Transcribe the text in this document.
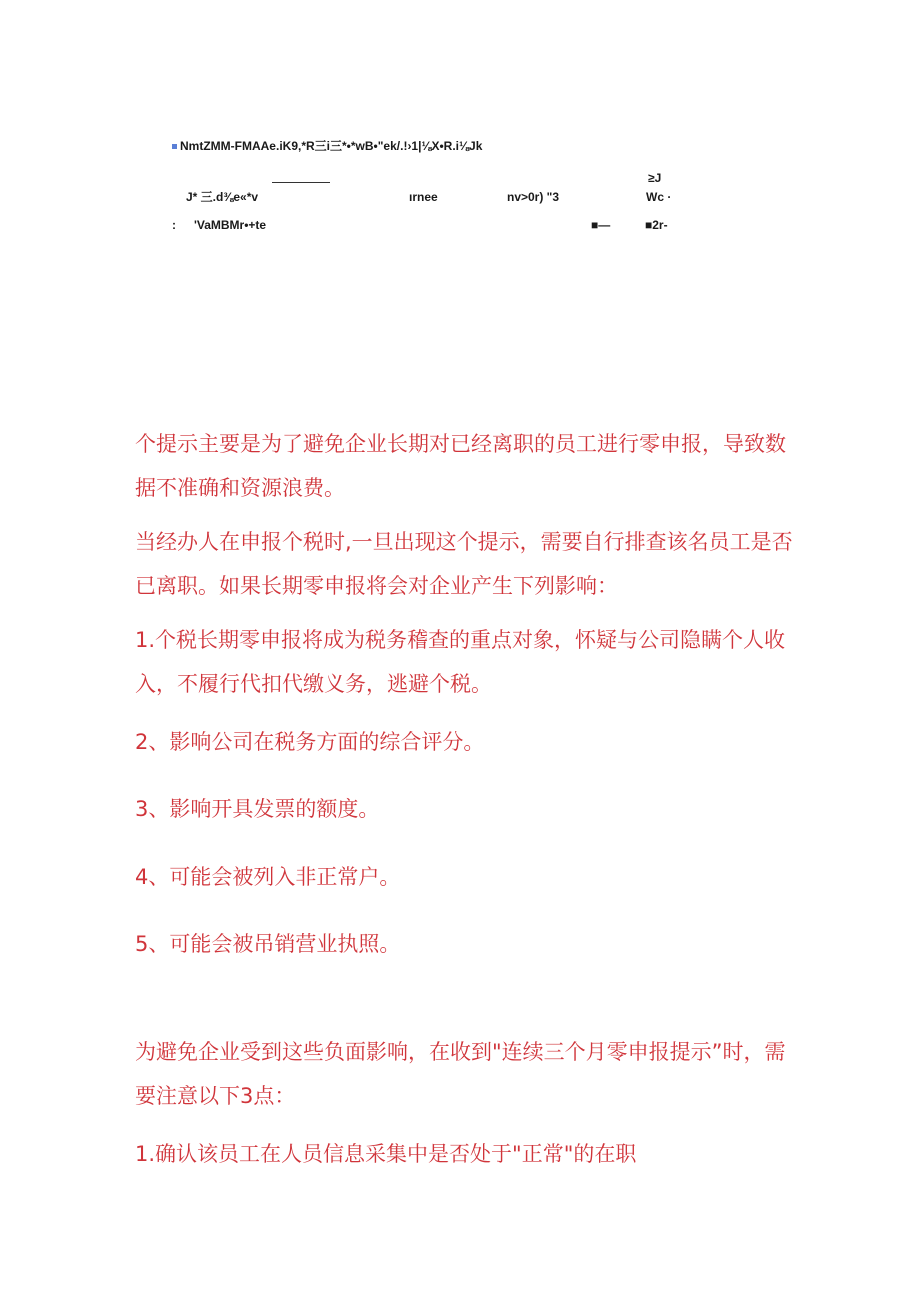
NmtZMM-FMAAe.iK9,*R三i三*•*wB•"ek/.!›1|⅛X•R.i⅛Jk
≥J
J* 三.d⅜e«*v	ırnee	nv>0r) "3	Wc ·
: 'VaMBMr•+te	■—	■2r-
个提示主要是为了避免企业长期对已经离职的员工进行零申报，导致数据不准确和资源浪费。
当经办人在申报个税时,一旦出现这个提示，需要自行排查该名员工是否已离职。如果长期零申报将会对企业产生下列影响：
1.个税长期零申报将成为税务稽查的重点对象，怀疑与公司隐瞒个人收入，不履行代扣代缴义务，逃避个税。
2、影响公司在税务方面的综合评分。
3、影响开具发票的额度。
4、可能会被列入非正常户。
5、可能会被吊销营业执照。
为避免企业受到这些负面影响，在收到"连续三个月零申报提示”时，需要注意以下3点：
1.确认该员工在人员信息采集中是否处于"正常"的在职
